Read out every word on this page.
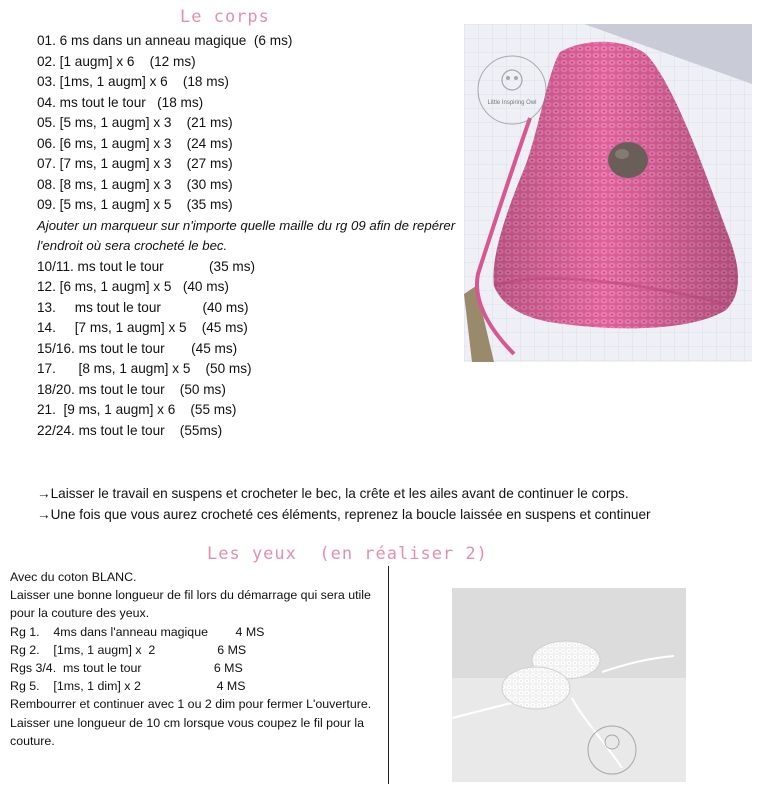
Le corps
01. 6 ms dans un anneau magique  (6 ms)
02. [1 augm] x 6    (12 ms)
03. [1ms, 1 augm] x 6    (18 ms)
04. ms tout le tour   (18 ms)
05. [5 ms, 1 augm] x 3    (21 ms)
06. [6 ms, 1 augm] x 3    (24 ms)
07. [7 ms, 1 augm] x 3    (27 ms)
08. [8 ms, 1 augm] x 3    (30 ms)
09. [5 ms, 1 augm] x 5    (35 ms)
Ajouter un marqueur sur n'importe quelle maille du rg 09 afin de repérer l'endroit où sera crocheté le bec.
10/11. ms tout le tour            (35 ms)
12. [6 ms, 1 augm] x 5   (40 ms)
13.     ms tout le tour           (40 ms)
14.     [7 ms, 1 augm] x 5    (45 ms)
15/16. ms tout le tour       (45 ms)
17.      [8 ms, 1 augm] x 5    (50 ms)
18/20. ms tout le tour    (50 ms)
21.  [9 ms, 1 augm] x 6    (55 ms)
22/24. ms tout le tour    (55ms)
Little Inspiring Owl
→Laisser le travail en suspens et crocheter le bec, la crête et les ailes avant de continuer le corps.
→Une fois que vous aurez crocheté ces éléments, reprenez la boucle laissée en suspens et continuer
Les yeux  (en réaliser 2)
Avec du coton BLANC.
Laisser une bonne longueur de fil lors du démarrage qui sera utile pour la couture des yeux.
Rg 1.    4ms dans l'anneau magique        4 MS
Rg 2.    [1ms, 1 augm] x  2                  6 MS
Rgs 3/4.  ms tout le tour                     6 MS
Rg 5.    [1ms, 1 dim] x 2                      4 MS
Rembourrer et continuer avec 1 ou 2 dim pour fermer L'ouverture.
Laisser une longueur de 10 cm lorsque vous coupez le fil pour la couture.
